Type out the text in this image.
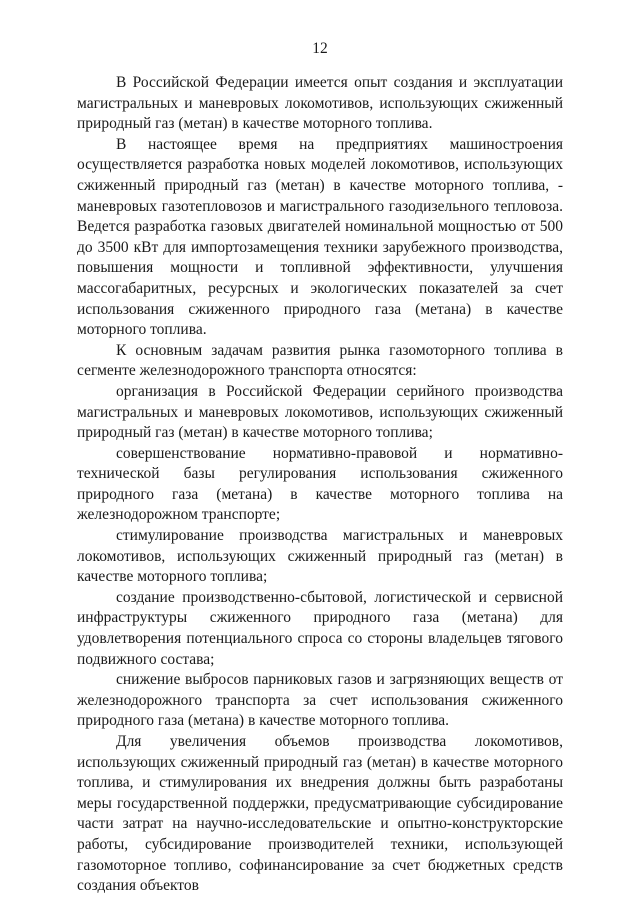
12

В Российской Федерации имеется опыт создания и эксплуатации магистральных и маневровых локомотивов, использующих сжиженный природный газ (метан) в качестве моторного топлива.

В настоящее время на предприятиях машиностроения осуществляется разработка новых моделей локомотивов, использующих сжиженный природный газ (метан) в качестве моторного топлива, - маневровых газотепловозов и магистрального газодизельного тепловоза. Ведется разработка газовых двигателей номинальной мощностью от 500 до 3500 кВт для импортозамещения техники зарубежного производства, повышения мощности и топливной эффективности, улучшения массогабаритных, ресурсных и экологических показателей за счет использования сжиженного природного газа (метана) в качестве моторного топлива.

К основным задачам развития рынка газомоторного топлива в сегменте железнодорожного транспорта относятся:

организация в Российской Федерации серийного производства магистральных и маневровых локомотивов, использующих сжиженный природный газ (метан) в качестве моторного топлива;

совершенствование нормативно-правовой и нормативно-технической базы регулирования использования сжиженного природного газа (метана) в качестве моторного топлива на железнодорожном транспорте;

стимулирование производства магистральных и маневровых локомотивов, использующих сжиженный природный газ (метан) в качестве моторного топлива;

создание производственно-сбытовой, логистической и сервисной инфраструктуры сжиженного природного газа (метана) для удовлетворения потенциального спроса со стороны владельцев тягового подвижного состава;

снижение выбросов парниковых газов и загрязняющих веществ от железнодорожного транспорта за счет использования сжиженного природного газа (метана) в качестве моторного топлива.

Для увеличения объемов производства локомотивов, использующих сжиженный природный газ (метан) в качестве моторного топлива, и стимулирования их внедрения должны быть разработаны меры государственной поддержки, предусматривающие субсидирование части затрат на научно-исследовательские и опытно-конструкторские работы, субсидирование производителей техники, использующей газомоторное топливо, софинансирование за счет бюджетных средств создания объектов
